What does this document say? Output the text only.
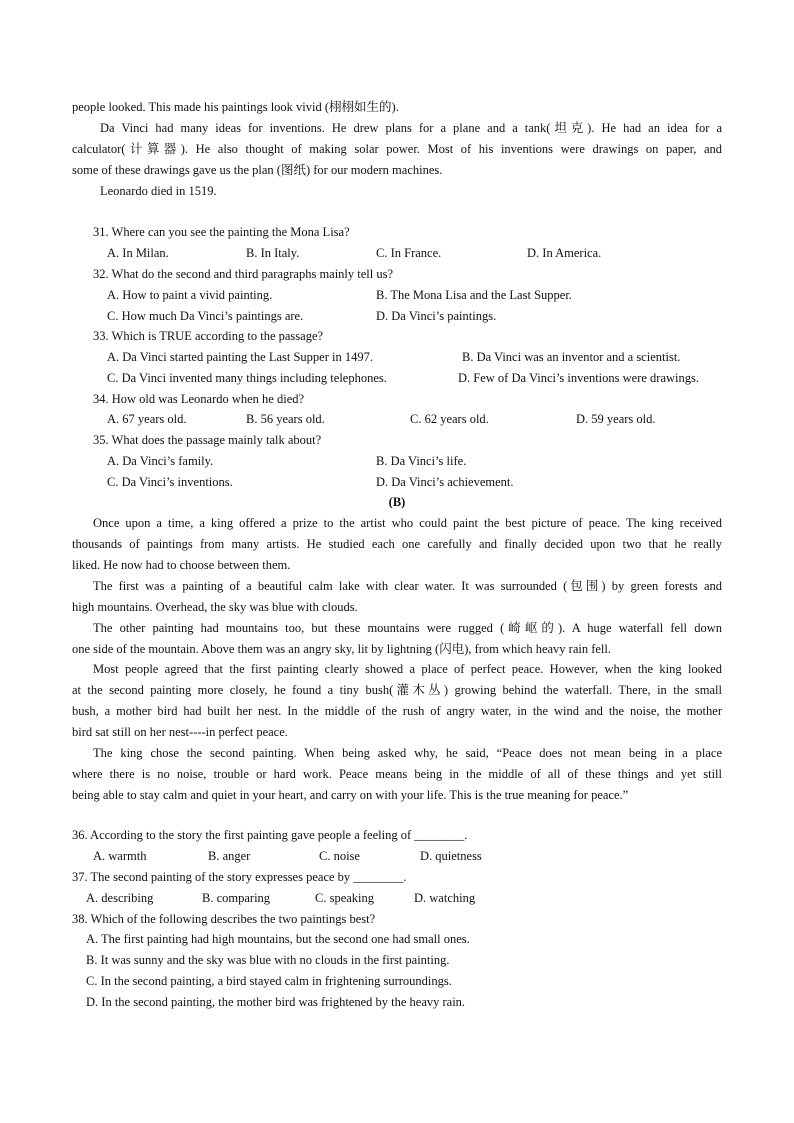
people looked. This made his paintings look vivid (栩栩如生的).

Da Vinci had many ideas for inventions. He drew plans for a plane and a tank(坦克). He had an idea for a

calculator(计算器). He also thought of making solar power. Most of his inventions were drawings on paper, and

some of these drawings gave us the plan (图纸) for our modern machines.

Leonardo died in 1519.

31. Where can you see the painting the Mona Lisa?

A. In Milan.	B. In Italy.	C. In France.	D. In America.

32. What do the second and third paragraphs mainly tell us?

A. How to paint a vivid painting.	B. The Mona Lisa and the Last Supper.
C. How much Da Vinci’s paintings are.	D. Da Vinci’s paintings.

33. Which is TRUE according to the passage?

A. Da Vinci started painting the Last Supper in 1497.	B. Da Vinci was an inventor and a scientist.
C. Da Vinci invented many things including telephones.	D. Few of Da Vinci’s inventions were drawings.

34. How old was Leonardo when he died?

A. 67 years old.	B. 56 years old.	C. 62 years old.	D. 59 years old.

35. What does the passage mainly talk about?

A. Da Vinci’s family.	B. Da Vinci’s life.
C. Da Vinci’s inventions.	D. Da Vinci’s achievement.
(B)

Once upon a time, a king offered a prize to the artist who could paint the best picture of peace. The king received

thousands of paintings from many artists. He studied each one carefully and finally decided upon two that he really

liked. He now had to choose between them.

The first was a painting of a beautiful calm lake with clear water. It was surrounded (包围) by green forests and

high mountains. Overhead, the sky was blue with clouds.

The other painting had mountains too, but these mountains were rugged (崎岖的). A huge waterfall fell down

one side of the mountain. Above them was an angry sky, lit by lightning (闪电), from which heavy rain fell.

Most people agreed that the first painting clearly showed a place of perfect peace. However, when the king looked

at the second painting more closely, he found a tiny bush(灌木丛) growing behind the waterfall. There, in the small

bush, a mother bird had built her nest. In the middle of the rush of angry water, in the wind and the noise, the mother

bird sat still on her nest----in perfect peace.

The king chose the second painting. When being asked why, he said, “Peace does not mean being in a place

where there is no noise, trouble or hard work. Peace means being in the middle of all of these things and yet still

being able to stay calm and quiet in your heart, and carry on with your life. This is the true meaning for peace.”

36. According to the story the first painting gave people a feeling of ________.

A. warmth	B. anger	C. noise	D. quietness

37. The second painting of the story expresses peace by ________.

A. describing	B. comparing	C. speaking	D. watching

38. Which of the following describes the two paintings best?

A. The first painting had high mountains, but the second one had small ones.
B. It was sunny and the sky was blue with no clouds in the first painting.
C. In the second painting, a bird stayed calm in frightening surroundings.
D. In the second painting, the mother bird was frightened by the heavy rain.
